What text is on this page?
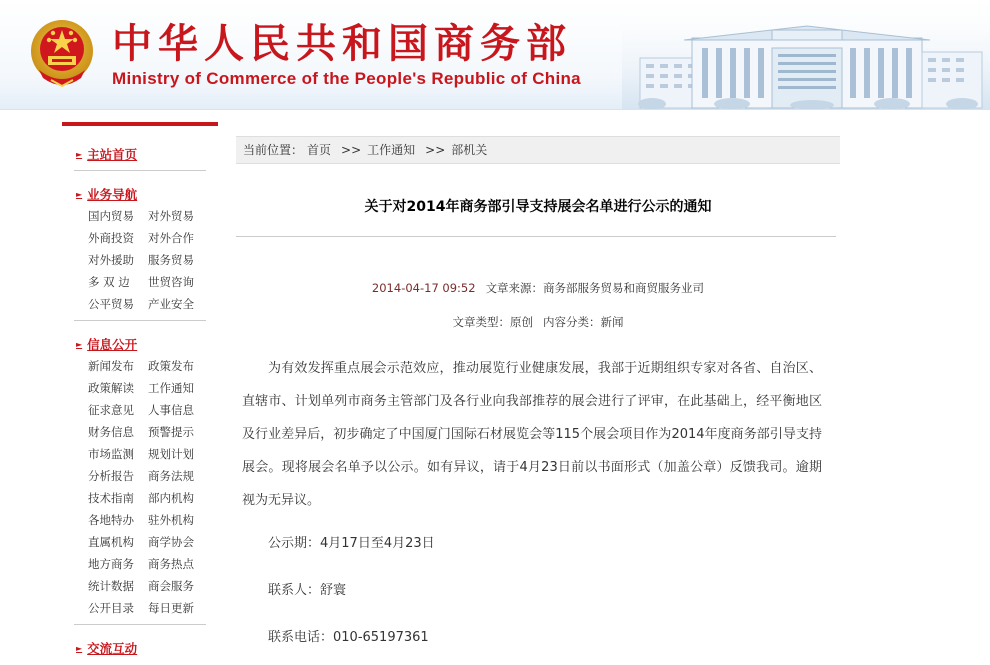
中华人民共和国商务部
Ministry of Commerce of the People's Republic of China
► 主站首页
► 业务导航
国内贸易	对外贸易
外商投资	对外合作
对外援助	服务贸易
多 双 边	世贸咨询
公平贸易	产业安全
► 信息公开
新闻发布	政策发布
政策解读	工作通知
征求意见	人事信息
财务信息	预警提示
市场监测	规划计划
分析报告	商务法规
技术指南	部内机构
各地特办	驻外机构
直属机构	商学协会
地方商务	商务热点
统计数据	商会服务
公开目录	每日更新
► 交流互动
当前位置： 首页 >> 工作通知 >> 部机关
关于对2014年商务部引导支持展会名单进行公示的通知
2014-04-17 09:52 文章来源：商务部服务贸易和商贸服务业司
文章类型：原创 内容分类：新闻
为有效发挥重点展会示范效应，推动展览行业健康发展，我部于近期组织专家对各省、自治区、直辖市、计划单列市商务主管部门及各行业向我部推荐的展会进行了评审，在此基础上，经平衡地区及行业差异后，初步确定了中国厦门国际石材展览会等115个展会项目作为2014年度商务部引导支持展会。现将展会名单予以公示。如有异议，请于4月23日前以书面形式（加盖公章）反馈我司。逾期视为无异议。
公示期：4月17日至4月23日
联系人：舒寰
联系电话：010-65197361
